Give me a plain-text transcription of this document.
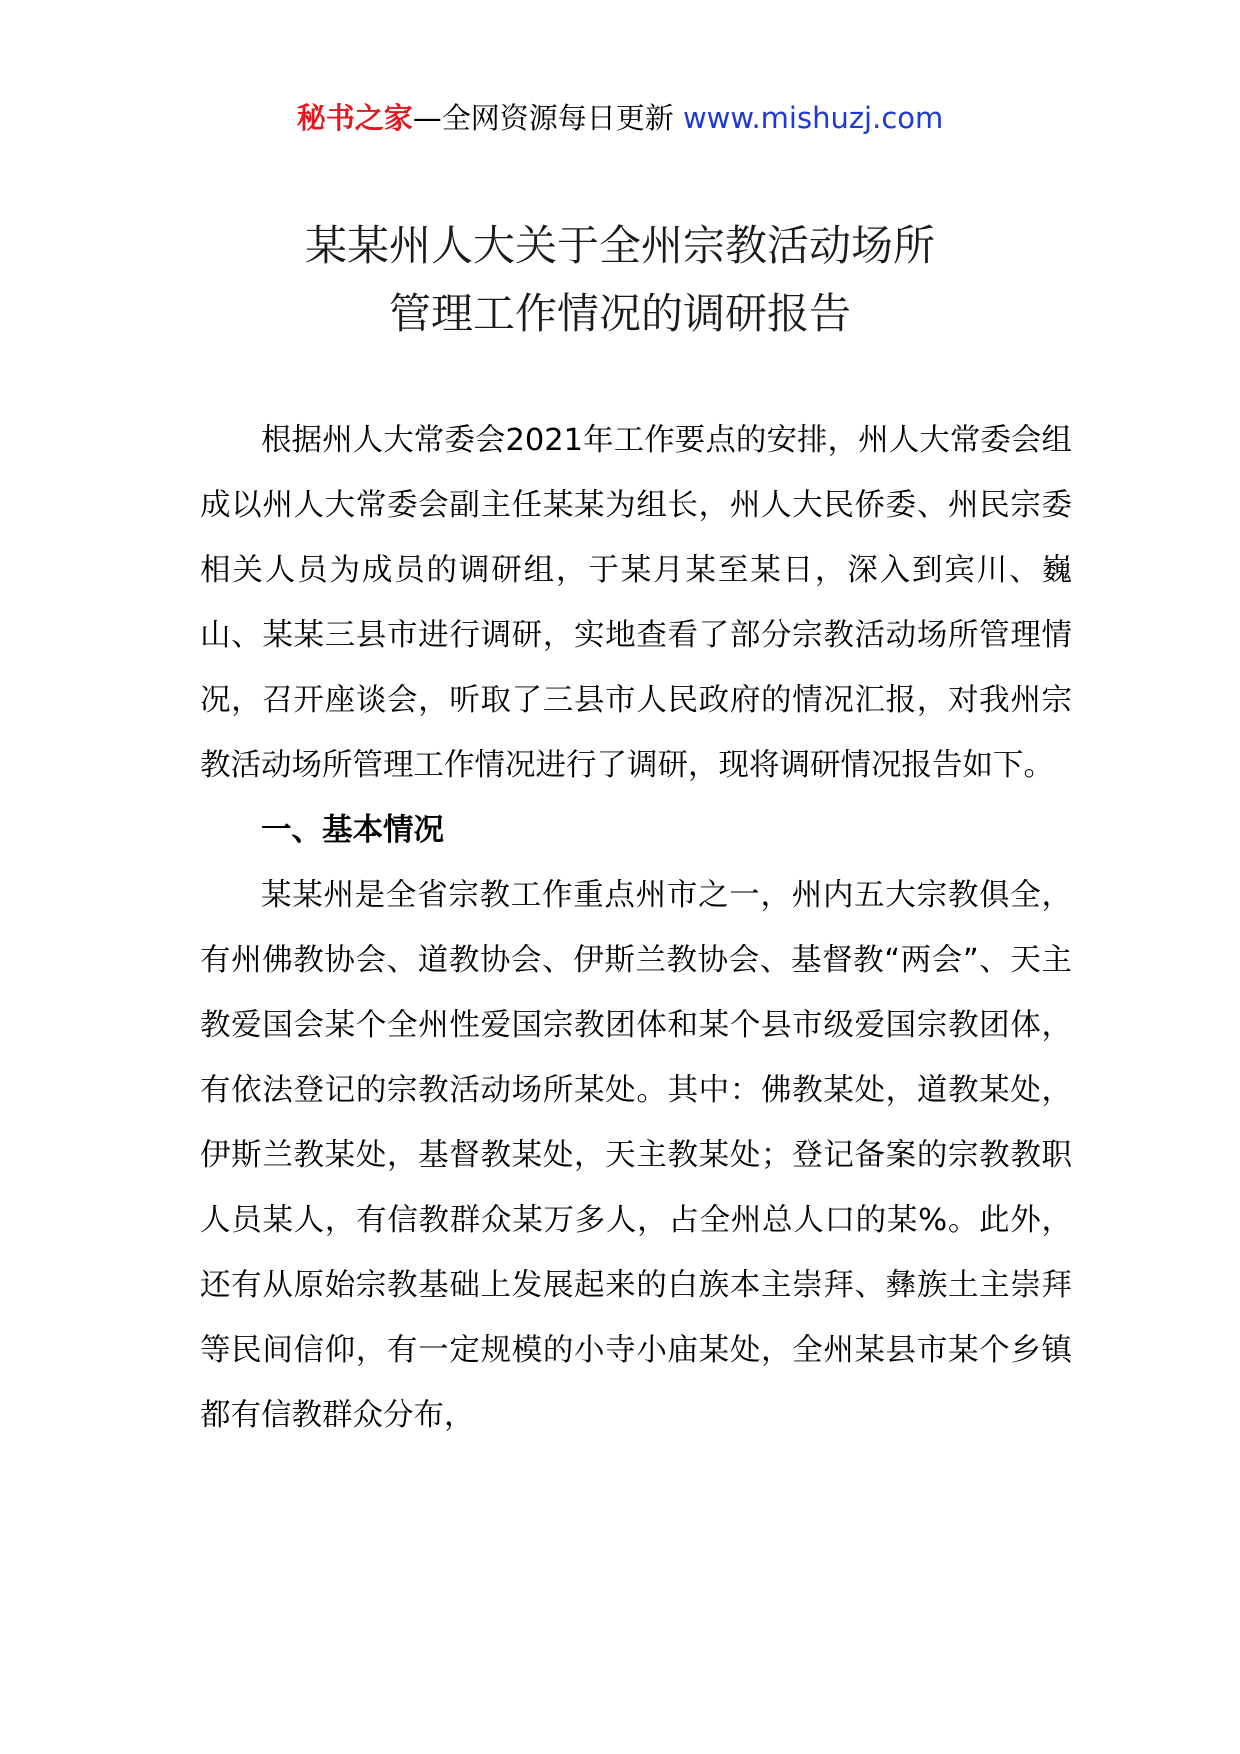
秘书之家—全网资源每日更新 www.mishuzj.com
某某州人大关于全州宗教活动场所
管理工作情况的调研报告

根据州人大常委会2021年工作要点的安排，州人大常委会组成以州人大常委会副主任某某为组长，州人大民侨委、州民宗委相关人员为成员的调研组，于某月某至某日，深入到宾川、巍山、某某三县市进行调研，实地查看了部分宗教活动场所管理情况，召开座谈会，听取了三县市人民政府的情况汇报，对我州宗教活动场所管理工作情况进行了调研，现将调研情况报告如下。

一、基本情况

某某州是全省宗教工作重点州市之一，州内五大宗教俱全，有州佛教协会、道教协会、伊斯兰教协会、基督教“两会”、天主教爱国会某个全州性爱国宗教团体和某个县市级爱国宗教团体，有依法登记的宗教活动场所某处。其中：佛教某处，道教某处，伊斯兰教某处，基督教某处，天主教某处；登记备案的宗教教职人员某人，有信教群众某万多人，占全州总人口的某%。此外，还有从原始宗教基础上发展起来的白族本主崇拜、彝族土主崇拜等民间信仰，有一定规模的小寺小庙某处，全州某县市某个乡镇都有信教群众分布，
